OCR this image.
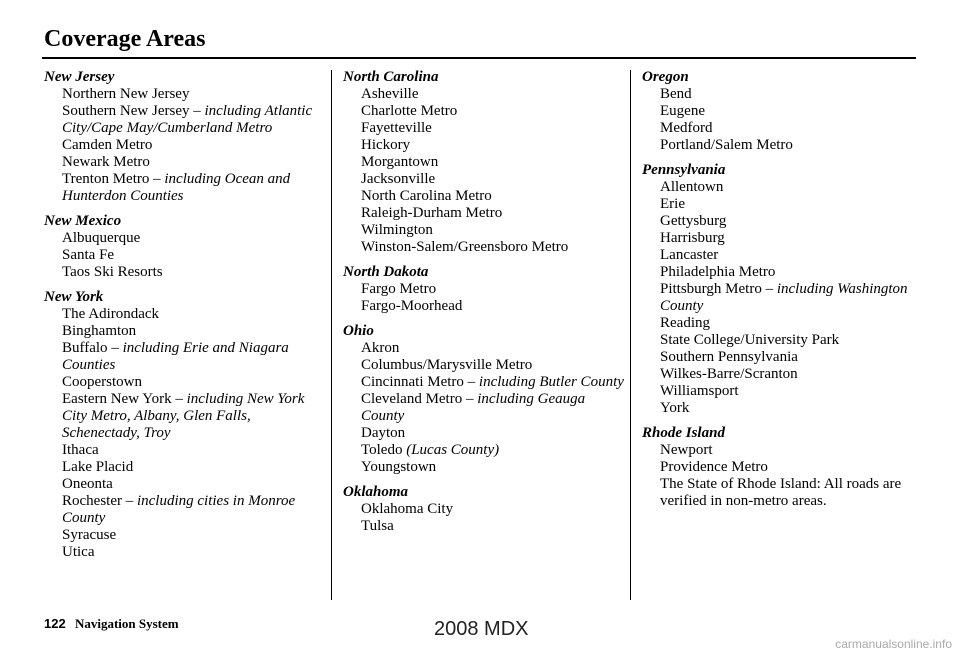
Coverage Areas
New Jersey
Northern New Jersey
Southern New Jersey – including Atlantic City/Cape May/Cumberland Metro
Camden Metro
Newark Metro
Trenton Metro – including Ocean and Hunterdon Counties
New Mexico
Albuquerque
Santa Fe
Taos Ski Resorts
New York
The Adirondack
Binghamton
Buffalo – including Erie and Niagara Counties
Cooperstown
Eastern New York – including New York City Metro, Albany, Glen Falls, Schenectady, Troy
Ithaca
Lake Placid
Oneonta
Rochester – including cities in Monroe County
Syracuse
Utica
North Carolina
Asheville
Charlotte Metro
Fayetteville
Hickory
Morgantown
Jacksonville
North Carolina Metro
Raleigh-Durham Metro
Wilmington
Winston-Salem/Greensboro Metro
North Dakota
Fargo Metro
Fargo-Moorhead
Ohio
Akron
Columbus/Marysville Metro
Cincinnati Metro – including Butler County
Cleveland Metro – including Geauga County
Dayton
Toledo (Lucas County)
Youngstown
Oklahoma
Oklahoma City
Tulsa
Oregon
Bend
Eugene
Medford
Portland/Salem Metro
Pennsylvania
Allentown
Erie
Gettysburg
Harrisburg
Lancaster
Philadelphia Metro
Pittsburgh Metro – including Washington County
Reading
State College/University Park
Southern Pennsylvania
Wilkes-Barre/Scranton
Williamsport
York
Rhode Island
Newport
Providence Metro
The State of Rhode Island: All roads are verified in non-metro areas.
122 Navigation System	2008 MDX
carmanualsonline.info
